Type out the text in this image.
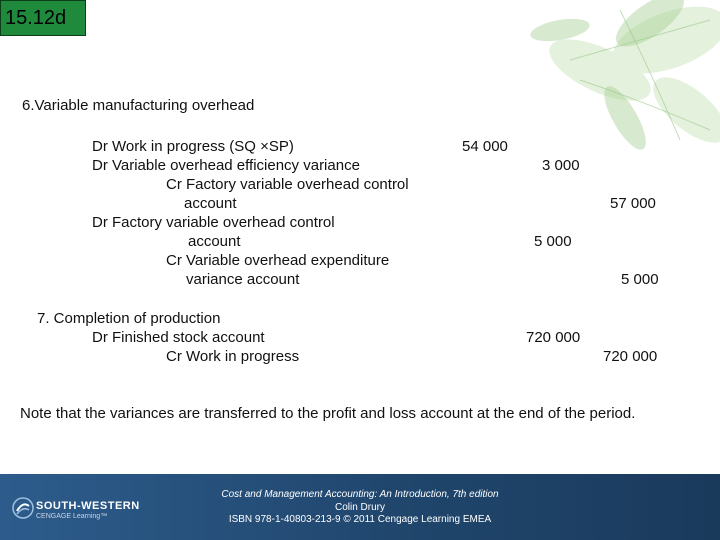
15.12d
6.Variable manufacturing overhead
Dr Work in progress (SQ ×SP)
Dr Variable overhead efficiency variance
Cr Factory variable overhead control
account
Dr Factory variable overhead control
account
Cr Variable overhead expenditure
variance account
54 000
3 000
57 000
5 000
5 000
7. Completion of production
Dr Finished stock account
Cr Work in progress
720 000
720 000
Note that the variances are transferred to the profit and loss account at the end of the period.
SOUTH-WESTERN
CENGAGE Learning™
Cost and Management Accounting: An Introduction, 7th edition
Colin Drury
ISBN 978-1-40803-213-9 © 2011 Cengage Learning EMEA
